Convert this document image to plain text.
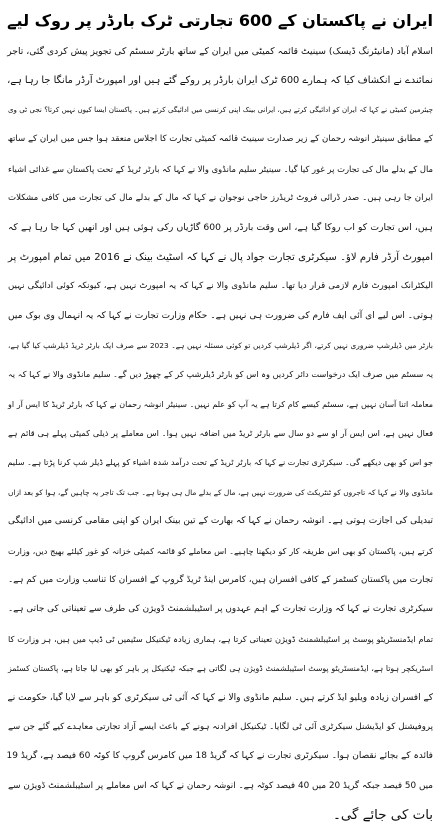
ایران نے پاکستان کے 600 تجارتی ٹرک بارڈر پر روک لیے
اسلام آباد (مانیٹرنگ ڈیسک) سینیٹ قائمہ کمیٹی میں ایران کے ساتھ بارٹر سسٹم کی تجویز پیش کردی گئی، تاجر
نمائندے نے انکشاف کیا کہ ہمارے 600 ٹرک ایران بارڈر پر روکے گئے ہیں اور امپورٹ آرڈر مانگا جا رہا ہے،
چیئرمین کمیٹی نے کہا کہ ایران کو ادائیگی کرتے ہیں، ایرانی بینک اپنی کرنسی میں ادائیگی کرتے ہیں۔ پاکستان ایسا کیوں نہیں کرتا؟ نجی ٹی وی
کے مطابق سینیٹر انوشہ رحمان کے زیر صدارت سینیٹ قائمہ کمیٹی تجارت کا اجلاس منعقد ہوا جس میں ایران کے ساتھ
مال کے بدلے مال کی تجارت پر غور کیا گیا۔ سینیٹر سلیم مانڈوی والا نے کہا کہ بارٹر ٹریڈ کے تحت پاکستان سے غذائی اشیاء
ایران جا رہی ہیں۔ صدر ڈرائی فروٹ ٹریڈرز حاجی نوجوان نے کہا کہ مال کے بدلے مال کی تجارت میں کافی مشکلات
ہیں، اس تجارت کو اب روکا گیا ہے، اس وقت بارڈر پر 600 گاڑیاں رکی ہوئی ہیں اور انھیں کہا جا رہا ہے کہ
امپورٹ آرڈر فارم لاؤ۔ سیکرٹری تجارت جواد پال نے کہا کہ اسٹیٹ بینک نے 2016 میں تمام امپورٹ پر
الیکٹرانک امپورٹ فارم لازمی قرار دیا تھا۔ سلیم مانڈوی والا نے کہا کہ یہ امپورٹ نہیں ہے، کیونکہ کوئی ادائیگی نہیں
ہوتی۔ اس لیے ای آئی ایف فارم کی ضرورت ہی نہیں ہے۔ حکام وزارت تجارت نے کہا کہ یہ انہمال وی بوک میں
بارٹر میں ڈیلرشپ ضروری نہیں کرتے، اگر ڈیلرشپ کردیں تو کوئی مسئلہ نہیں ہے۔ 2023 سے صرف ایک بارٹر ٹریڈ ڈیلرشپ کیا گیا ہے،
یہ سسٹم میں صرف ایک درخواست دائر کردیں وہ اس کو بارٹر ڈیلرشپ کر کے چھوڑ دیں گے۔ سلیم مانڈوی والا نے کہا کہ یہ
معاملہ اتنا آسان نہیں ہے، سسٹم کیسے کام کرتا ہے یہ آپ کو علم نہیں۔ سینیٹر انوشہ رحمان نے کہا کہ بارٹر ٹریڈ کا ایس آر او
فعال نہیں ہے، اس ایس آر او سے دو سال سے بارٹر ٹریڈ میں اضافہ نہیں ہوا۔ اس معاملے پر ذیلی کمیٹی پہلے ہی قائم ہے
جو اس کو بھی دیکھے گی۔ سیکرٹری تجارت نے کہا کہ بارٹر ٹریڈ کے تحت درآمد شدہ اشیاء کو پہلے ڈیلر شپ کرنا پڑتا ہے۔ سلیم
مانڈوی والا نے کہا کہ تاجروں کو ٹنٹریکٹ کی ضرورت نہیں ہے، مال کے بدلے مال ہی ہوتا ہے۔ جب تک تاجر یہ چاہیں گے، ہوا کو بعد ازاں
تبدیلی کی اجازت ہوتی ہے۔ انوشہ رحمان نے کہا کہ بھارت کے تین بینک ایران کو اپنی مقامی کرنسی میں ادائیگی
کرتے ہیں، پاکستان کو بھی اس طریقہ کار کو دیکھنا چاہیے۔ اس معاملے کو قائمہ کمیٹی خزانہ کو غور کیلئے بھیج دیں، وزارت
تجارت میں پاکستان کسٹمز کے کافی افسران ہیں، کامرس اینڈ ٹریڈ گروپ کے افسران کا تناسب وزارت میں کم ہے۔
سیکرٹری تجارت نے کہا کہ وزارت تجارت کے اہم عہدوں پر اسٹیبلشمنٹ ڈویژن کی طرف سے تعیناتی کی جاتی ہے۔
تمام ایڈمنسٹریٹو پوسٹ پر اسٹیبلشمنٹ ڈویژن تعیناتی کرتا ہے، ہماری زیادہ ٹیکنیکل سٹیمیں ٹی ڈیپ میں ہیں، ہر وزارت کا
اسٹریکچر ہوتا ہے، ایڈمنسٹریٹو پوسٹ اسٹیبلشمنٹ ڈویژن ہی لگاتی ہے جبکہ ٹیکنیکل پر باہر کو بھی لیا جاتا ہے، پاکستان کسٹمز
کے افسران زیادہ ویلیو ایڈ کرتے ہیں۔ سلیم مانڈوی والا نے کہا کہ آئی ٹی سیکرٹری کو باہر سے لایا گیا، حکومت نے
پروفیشنل کو ایڈیشنل سیکرٹری آئی ٹی لگایا۔ ٹیکنیکل افرادنہ ہونے کے باعث ایسے آزاد تجارتی معاہدے کیے گئے جن سے
فائدہ کے بجائے نقصان ہوا۔ سیکرٹری تجارت نے کہا کہ گریڈ 18 میں کامرس گروپ کا کوٹہ 60 فیصد ہے، گریڈ 19
میں 50 فیصد جبکہ گریڈ 20 میں 40 فیصد کوٹہ ہے۔ انوشہ رحمان نے کہا کہ اس معاملے پر اسٹیبلشمنٹ ڈویژن سے
بات کی جائے گی۔
